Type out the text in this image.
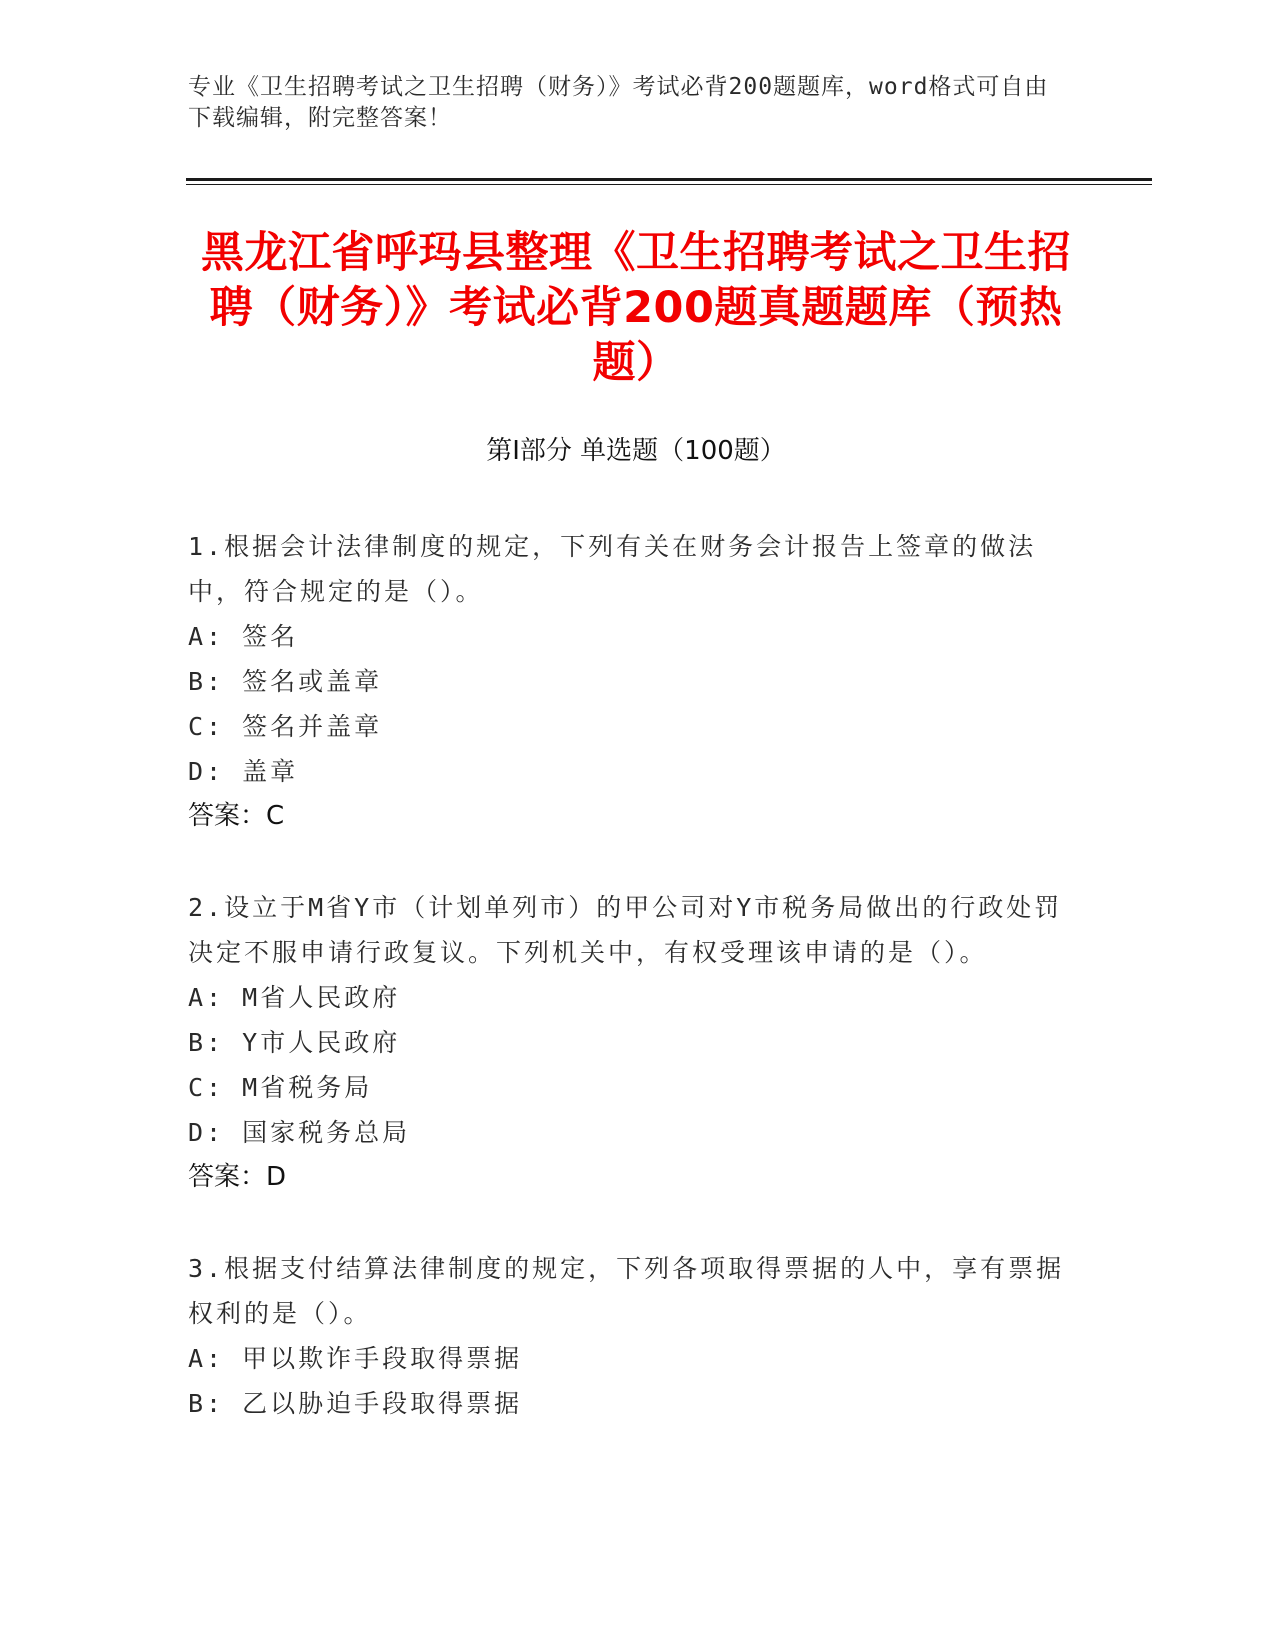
专业《卫生招聘考试之卫生招聘（财务）》考试必背200题题库，word格式可自由下载编辑，附完整答案！
黑龙江省呼玛县整理《卫生招聘考试之卫生招聘（财务）》考试必背200题真题题库（预热题）
第Ⅰ部分 单选题（100题）
1.根据会计法律制度的规定，下列有关在财务会计报告上签章的做法中，符合规定的是（）。
A: 签名
B: 签名或盖章
C: 签名并盖章
D: 盖章
答案：C
2.设立于M省Y市（计划单列市）的甲公司对Y市税务局做出的行政处罚决定不服申请行政复议。下列机关中，有权受理该申请的是（）。
A: M省人民政府
B: Y市人民政府
C: M省税务局
D: 国家税务总局
答案：D
3.根据支付结算法律制度的规定，下列各项取得票据的人中，享有票据权利的是（）。
A: 甲以欺诈手段取得票据
B: 乙以胁迫手段取得票据
